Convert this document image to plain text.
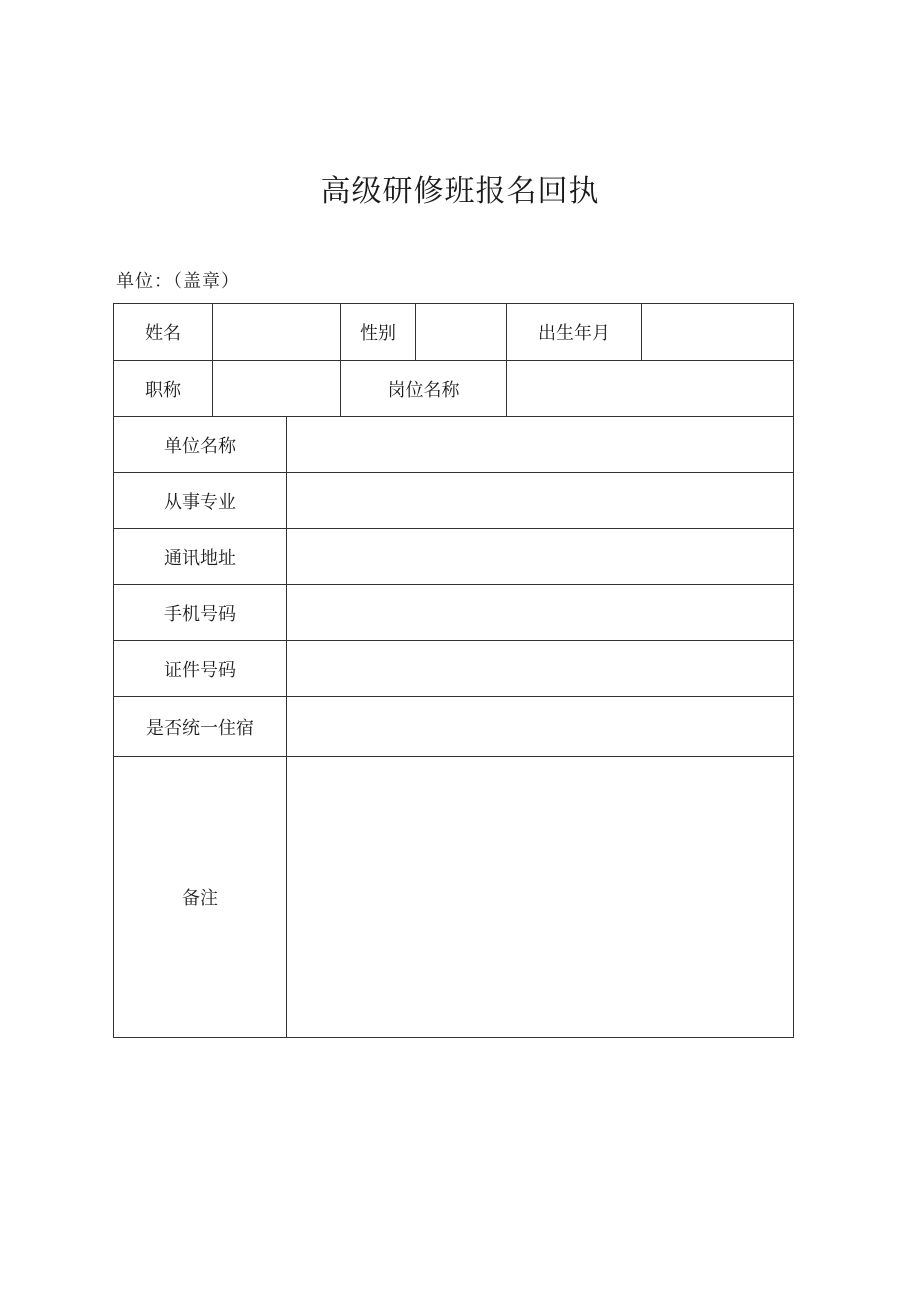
高级研修班报名回执
单位：（盖章）
姓名			性别		出生年月	
职称			岗位名称			
单位名称						
从事专业						
通讯地址						
手机号码						
证件号码						
是否统一住宿						
备注						
